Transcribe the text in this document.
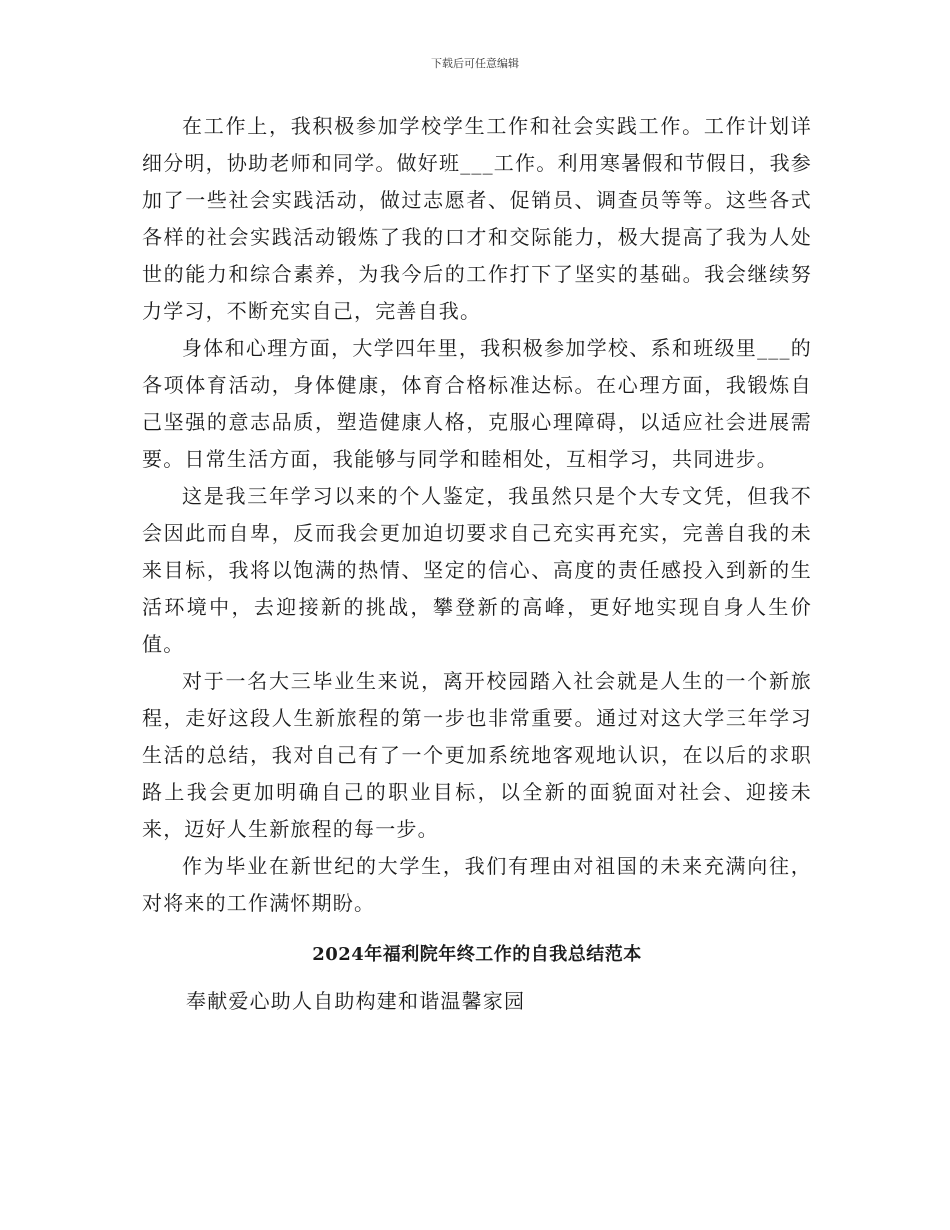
下载后可任意编辑

在工作上，我积极参加学校学生工作和社会实践工作。工作计划详细分明，协助老师和同学。做好班___工作。利用寒暑假和节假日，我参加了一些社会实践活动，做过志愿者、促销员、调查员等等。这些各式各样的社会实践活动锻炼了我的口才和交际能力，极大提高了我为人处世的能力和综合素养，为我今后的工作打下了坚实的基础。我会继续努力学习，不断充实自己，完善自我。

身体和心理方面，大学四年里，我积极参加学校、系和班级里___的各项体育活动，身体健康，体育合格标准达标。在心理方面，我锻炼自己坚强的意志品质，塑造健康人格，克服心理障碍，以适应社会进展需要。日常生活方面，我能够与同学和睦相处，互相学习，共同进步。

这是我三年学习以来的个人鉴定，我虽然只是个大专文凭，但我不会因此而自卑，反而我会更加迫切要求自己充实再充实，完善自我的未来目标，我将以饱满的热情、坚定的信心、高度的责任感投入到新的生活环境中，去迎接新的挑战，攀登新的高峰，更好地实现自身人生价值。

对于一名大三毕业生来说，离开校园踏入社会就是人生的一个新旅程，走好这段人生新旅程的第一步也非常重要。通过对这大学三年学习生活的总结，我对自己有了一个更加系统地客观地认识，在以后的求职路上我会更加明确自己的职业目标，以全新的面貌面对社会、迎接未来，迈好人生新旅程的每一步。

作为毕业在新世纪的大学生，我们有理由对祖国的未来充满向往，对将来的工作满怀期盼。

2024年福利院年终工作的自我总结范本

奉献爱心助人自助构建和谐温馨家园
